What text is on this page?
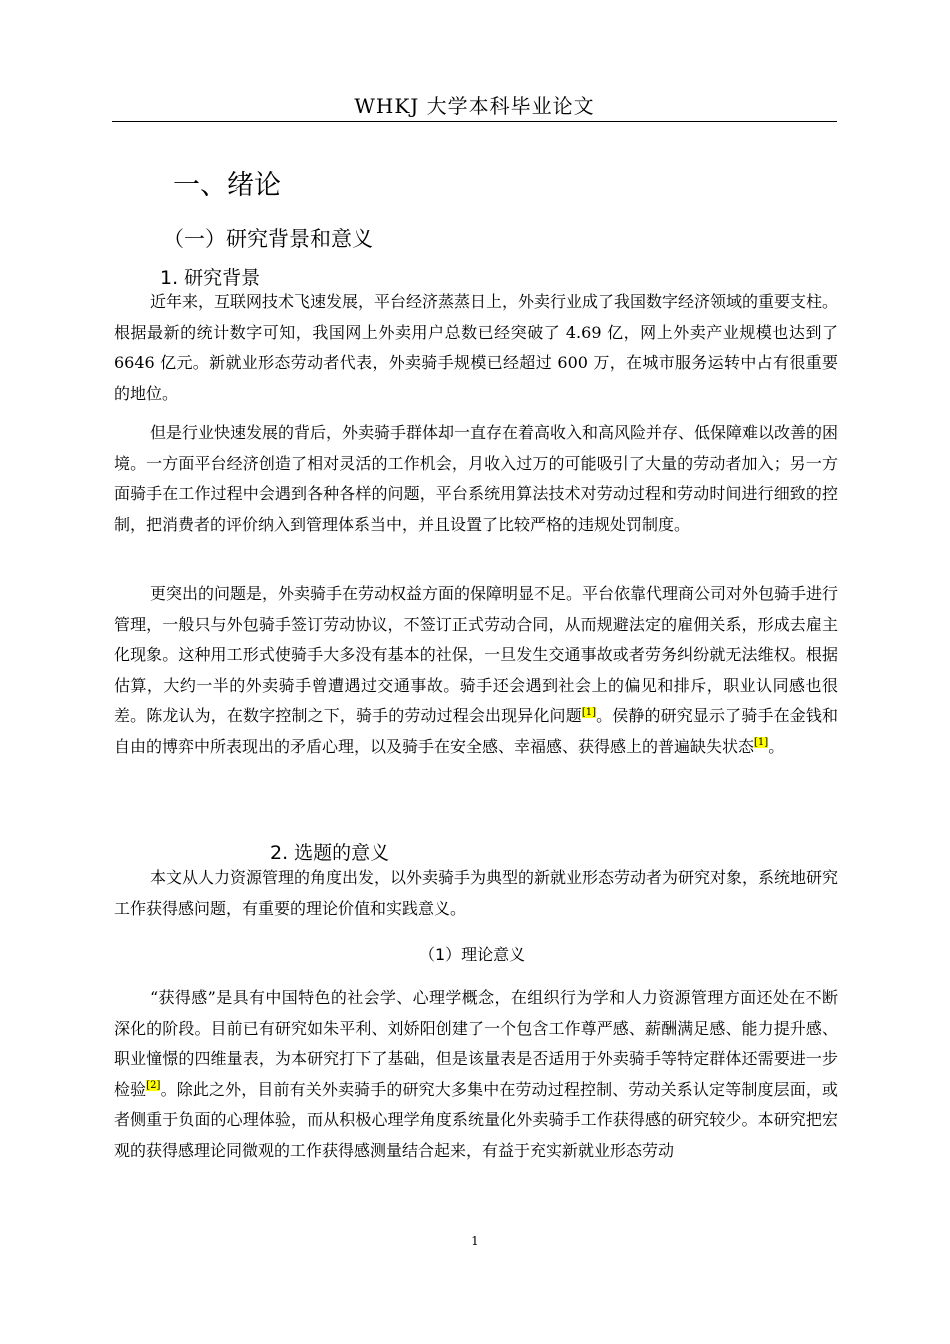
WHKJ 大学本科毕业论文
一、绪论
（一）研究背景和意义
1. 研究背景

近年来，互联网技术飞速发展，平台经济蒸蒸日上，外卖行业成了我国数字经济领域的重要支柱。根据最新的统计数字可知，我国网上外卖用户总数已经突破了 4.69 亿，网上外卖产业规模也达到了 6646 亿元。新就业形态劳动者代表，外卖骑手规模已经超过 600 万，在城市服务运转中占有很重要的地位。

但是行业快速发展的背后，外卖骑手群体却一直存在着高收入和高风险并存、低保障难以改善的困境。一方面平台经济创造了相对灵活的工作机会，月收入过万的可能吸引了大量的劳动者加入；另一方面骑手在工作过程中会遇到各种各样的问题，平台系统用算法技术对劳动过程和劳动时间进行细致的控制，把消费者的评价纳入到管理体系当中，并且设置了比较严格的违规处罚制度。

更突出的问题是，外卖骑手在劳动权益方面的保障明显不足。平台依靠代理商公司对外包骑手进行管理，一般只与外包骑手签订劳动协议，不签订正式劳动合同，从而规避法定的雇佣关系，形成去雇主化现象。这种用工形式使骑手大多没有基本的社保，一旦发生交通事故或者劳务纠纷就无法维权。根据估算，大约一半的外卖骑手曾遭遇过交通事故。骑手还会遇到社会上的偏见和排斥，职业认同感也很差。陈龙认为，在数字控制之下，骑手的劳动过程会出现异化问题[1]。侯静的研究显示了骑手在金钱和自由的博弈中所表现出的矛盾心理，以及骑手在安全感、幸福感、获得感上的普遍缺失状态[1]。

2. 选题的意义

本文从人力资源管理的角度出发，以外卖骑手为典型的新就业形态劳动者为研究对象，系统地研究工作获得感问题，有重要的理论价值和实践意义。

（1）理论意义

“获得感”是具有中国特色的社会学、心理学概念，在组织行为学和人力资源管理方面还处在不断深化的阶段。目前已有研究如朱平利、刘娇阳创建了一个包含工作尊严感、薪酬满足感、能力提升感、职业憧憬的四维量表，为本研究打下了基础，但是该量表是否适用于外卖骑手等特定群体还需要进一步检验[2]。除此之外，目前有关外卖骑手的研究大多集中在劳动过程控制、劳动关系认定等制度层面，或者侧重于负面的心理体验，而从积极心理学角度系统量化外卖骑手工作获得感的研究较少。本研究把宏观的获得感理论同微观的工作获得感测量结合起来，有益于充实新就业形态劳动

1
